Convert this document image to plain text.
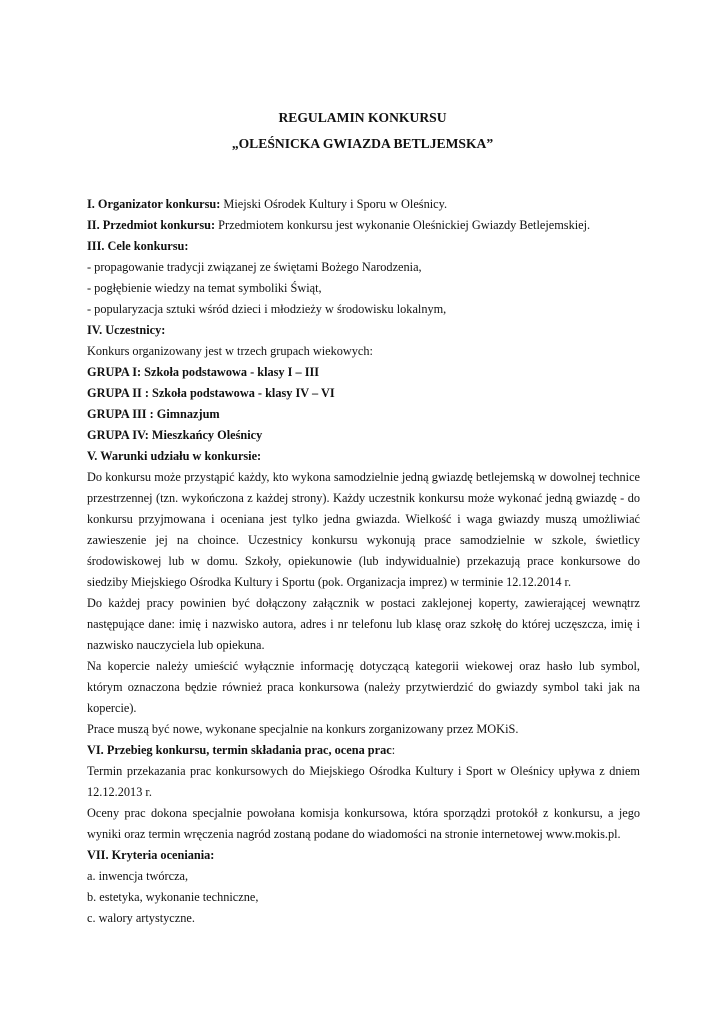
REGULAMIN KONKURSU
„OLEŚNICKA GWIAZDA BETLJEMSKA”
I. Organizator konkursu: Miejski Ośrodek Kultury i Sporu w Oleśnicy.
II. Przedmiot konkursu: Przedmiotem konkursu jest wykonanie Oleśnickiej Gwiazdy Betlejemskiej.
III. Cele konkursu:
- propagowanie tradycji związanej ze świętami Bożego Narodzenia,
- pogłębienie wiedzy na temat symboliki Świąt,
- popularyzacja sztuki wśród dzieci i młodzieży w środowisku lokalnym,
IV. Uczestnicy:
Konkurs organizowany jest w trzech grupach wiekowych:
GRUPA I: Szkoła podstawowa - klasy I – III
GRUPA II : Szkoła podstawowa - klasy IV – VI
GRUPA III : Gimnazjum
GRUPA IV: Mieszkańcy Oleśnicy
V. Warunki udziału w konkursie:
Do konkursu może przystąpić każdy, kto wykona samodzielnie jedną gwiazdę betlejemską w dowolnej technice przestrzennej (tzn. wykończona z każdej strony). Każdy uczestnik konkursu może wykonać jedną gwiazdę - do konkursu przyjmowana i oceniana jest tylko jedna gwiazda. Wielkość i waga gwiazdy muszą umożliwiać zawieszenie jej na choince. Uczestnicy konkursu wykonują prace samodzielnie w szkole, świetlicy środowiskowej lub w domu. Szkoły, opiekunowie (lub indywidualnie) przekazują prace konkursowe do siedziby Miejskiego Ośrodka Kultury i Sportu (pok. Organizacja imprez) w terminie 12.12.2014 r.
Do każdej pracy powinien być dołączony załącznik w postaci zaklejonej koperty, zawierającej wewnątrz następujące dane: imię i nazwisko autora, adres i nr telefonu lub klasę oraz szkołę do której uczęszcza, imię i nazwisko nauczyciela lub opiekuna.
Na kopercie należy umieścić wyłącznie informację dotyczącą kategorii wiekowej oraz hasło lub symbol, którym oznaczona będzie również praca konkursowa (należy przytwierdzić do gwiazdy symbol taki jak na kopercie).
Prace muszą być nowe, wykonane specjalnie na konkurs zorganizowany przez MOKiS.
VI. Przebieg konkursu, termin składania prac, ocena prac:
Termin przekazania prac konkursowych do Miejskiego Ośrodka Kultury i Sport w Oleśnicy upływa z dniem 12.12.2013 r.
Oceny prac dokona specjalnie powołana komisja konkursowa, która sporządzi protokół z konkursu, a jego wyniki oraz termin wręczenia nagród zostaną podane do wiadomości na stronie internetowej www.mokis.pl.
VII. Kryteria oceniania:
a. inwencja twórcza,
b. estetyka, wykonanie techniczne,
c. walory artystyczne.
